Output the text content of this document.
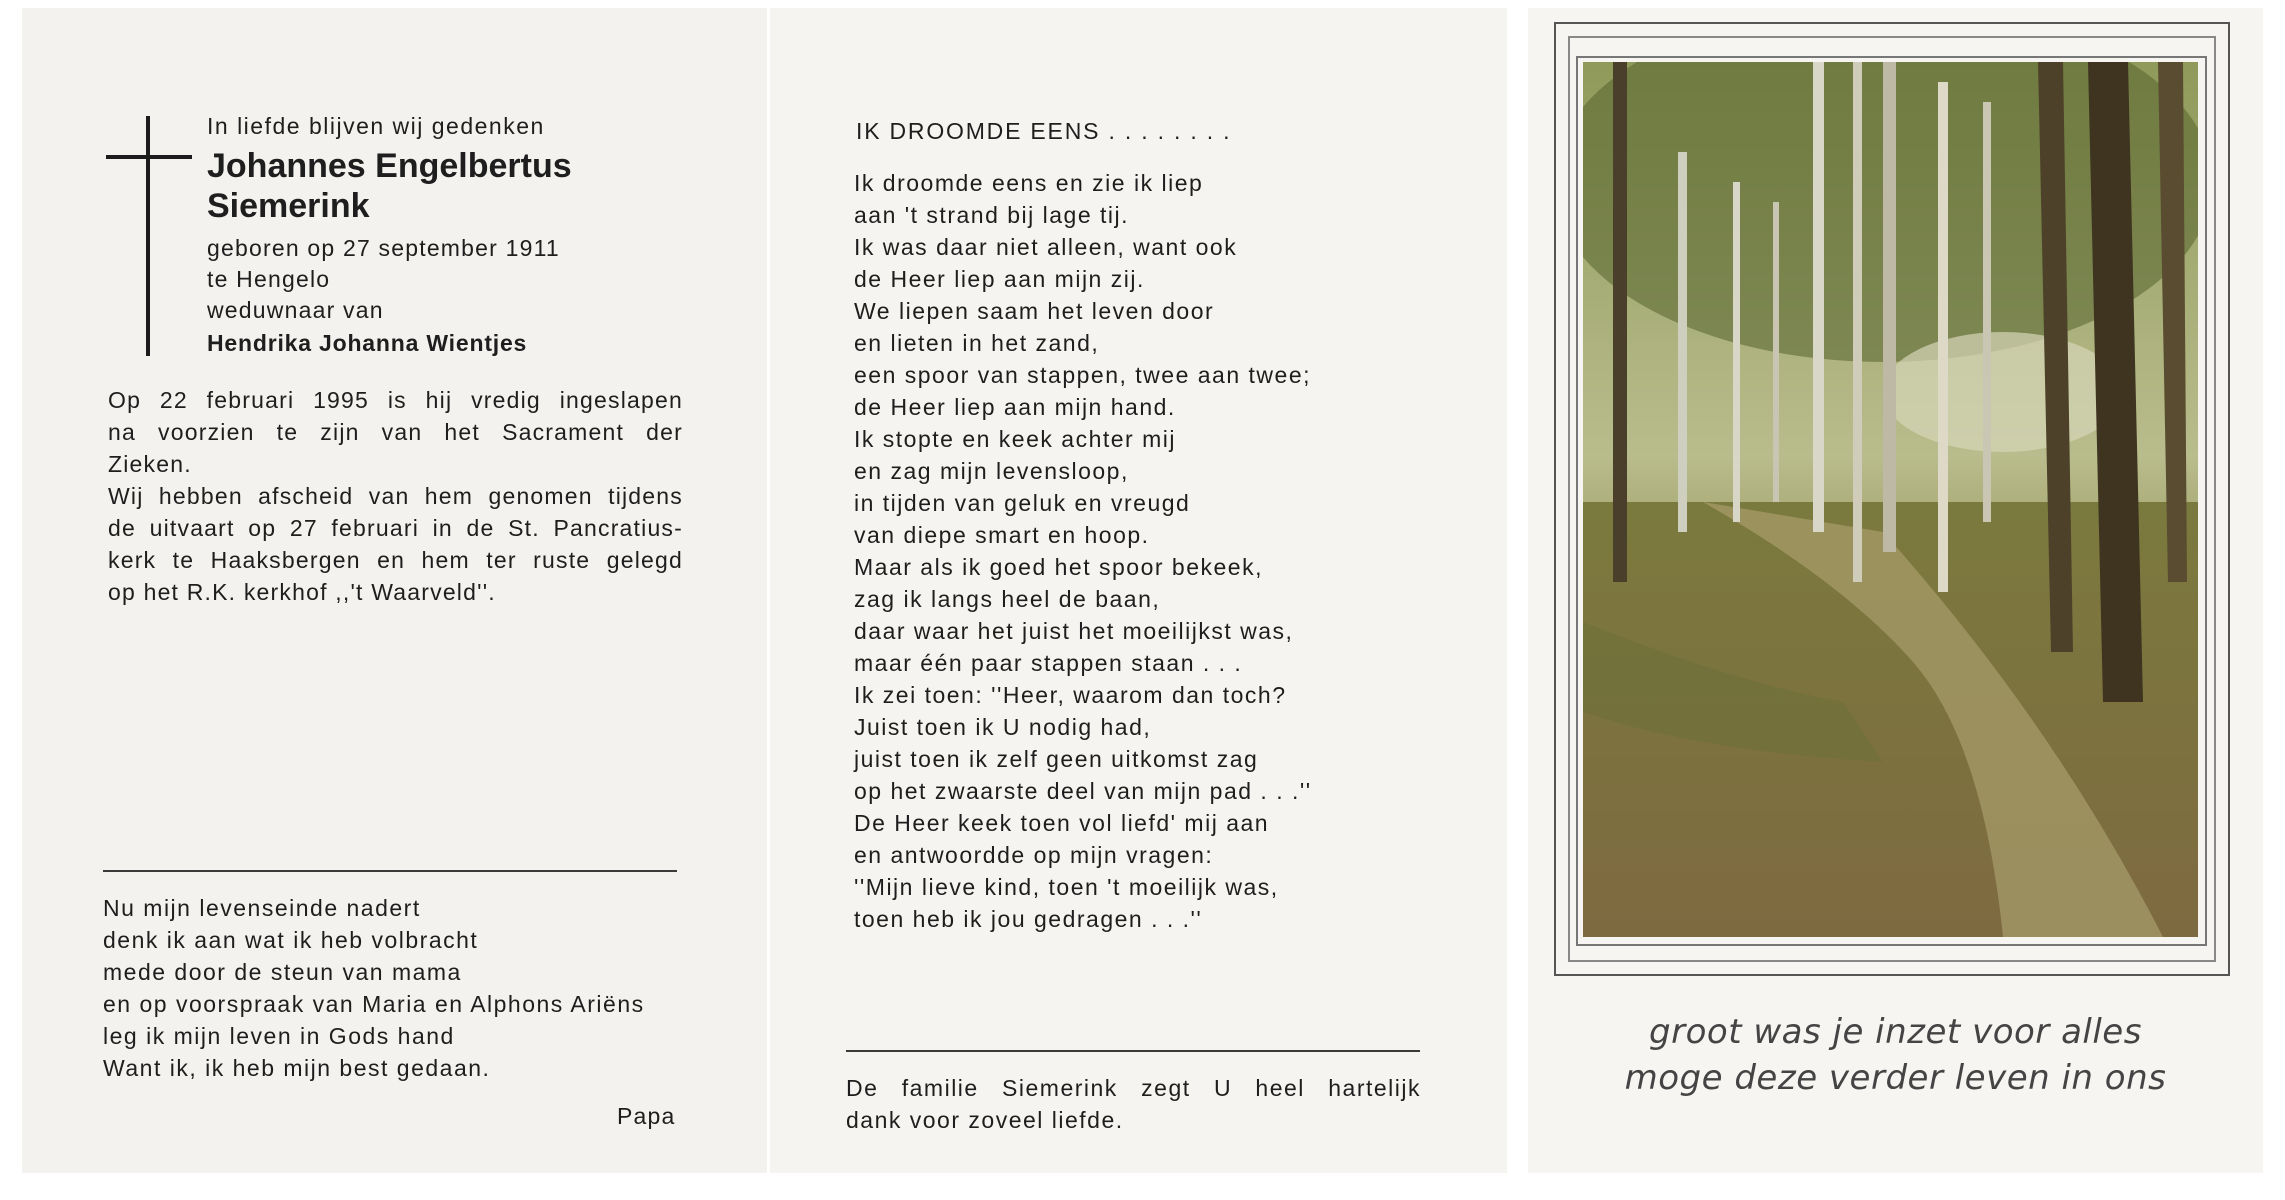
In liefde blijven wij gedenken
Johannes Engelbertus
Siemerink
geboren op 27 september 1911
te Hengelo
weduwnaar van
Hendrika Johanna Wientjes
Op 22 februari 1995 is hij vredig ingeslapen
na voorzien te zijn van het Sacrament der
Zieken.
Wij hebben afscheid van hem genomen tijdens
de uitvaart op 27 februari in de St. Pancratius-
kerk te Haaksbergen en hem ter ruste gelegd
op het R.K. kerkhof ,,'t Waarveld''.
Nu mijn levenseinde nadert
denk ik aan wat ik heb volbracht
mede door de steun van mama
en op voorspraak van Maria en Alphons Ariëns
leg ik mijn leven in Gods hand
Want ik, ik heb mijn best gedaan.
Papa
IK DROOMDE EENS . . . . . . . .
Ik droomde eens en zie ik liep
aan 't strand bij lage tij.
Ik was daar niet alleen, want ook
de Heer liep aan mijn zij.
We liepen saam het leven door
en lieten in het zand,
een spoor van stappen, twee aan twee;
de Heer liep aan mijn hand.
Ik stopte en keek achter mij
en zag mijn levensloop,
in tijden van geluk en vreugd
van diepe smart en hoop.
Maar als ik goed het spoor bekeek,
zag ik langs heel de baan,
daar waar het juist het moeilijkst was,
maar één paar stappen staan . . .
Ik zei toen: ''Heer, waarom dan toch?
Juist toen ik U nodig had,
juist toen ik zelf geen uitkomst zag
op het zwaarste deel van mijn pad . . .''
De Heer keek toen vol liefd' mij aan
en antwoordde op mijn vragen:
''Mijn lieve kind, toen 't moeilijk was,
toen heb ik jou gedragen . . .''
De familie Siemerink zegt U heel hartelijk
dank voor zoveel liefde.
groot was je inzet voor alles
moge deze verder leven in ons
